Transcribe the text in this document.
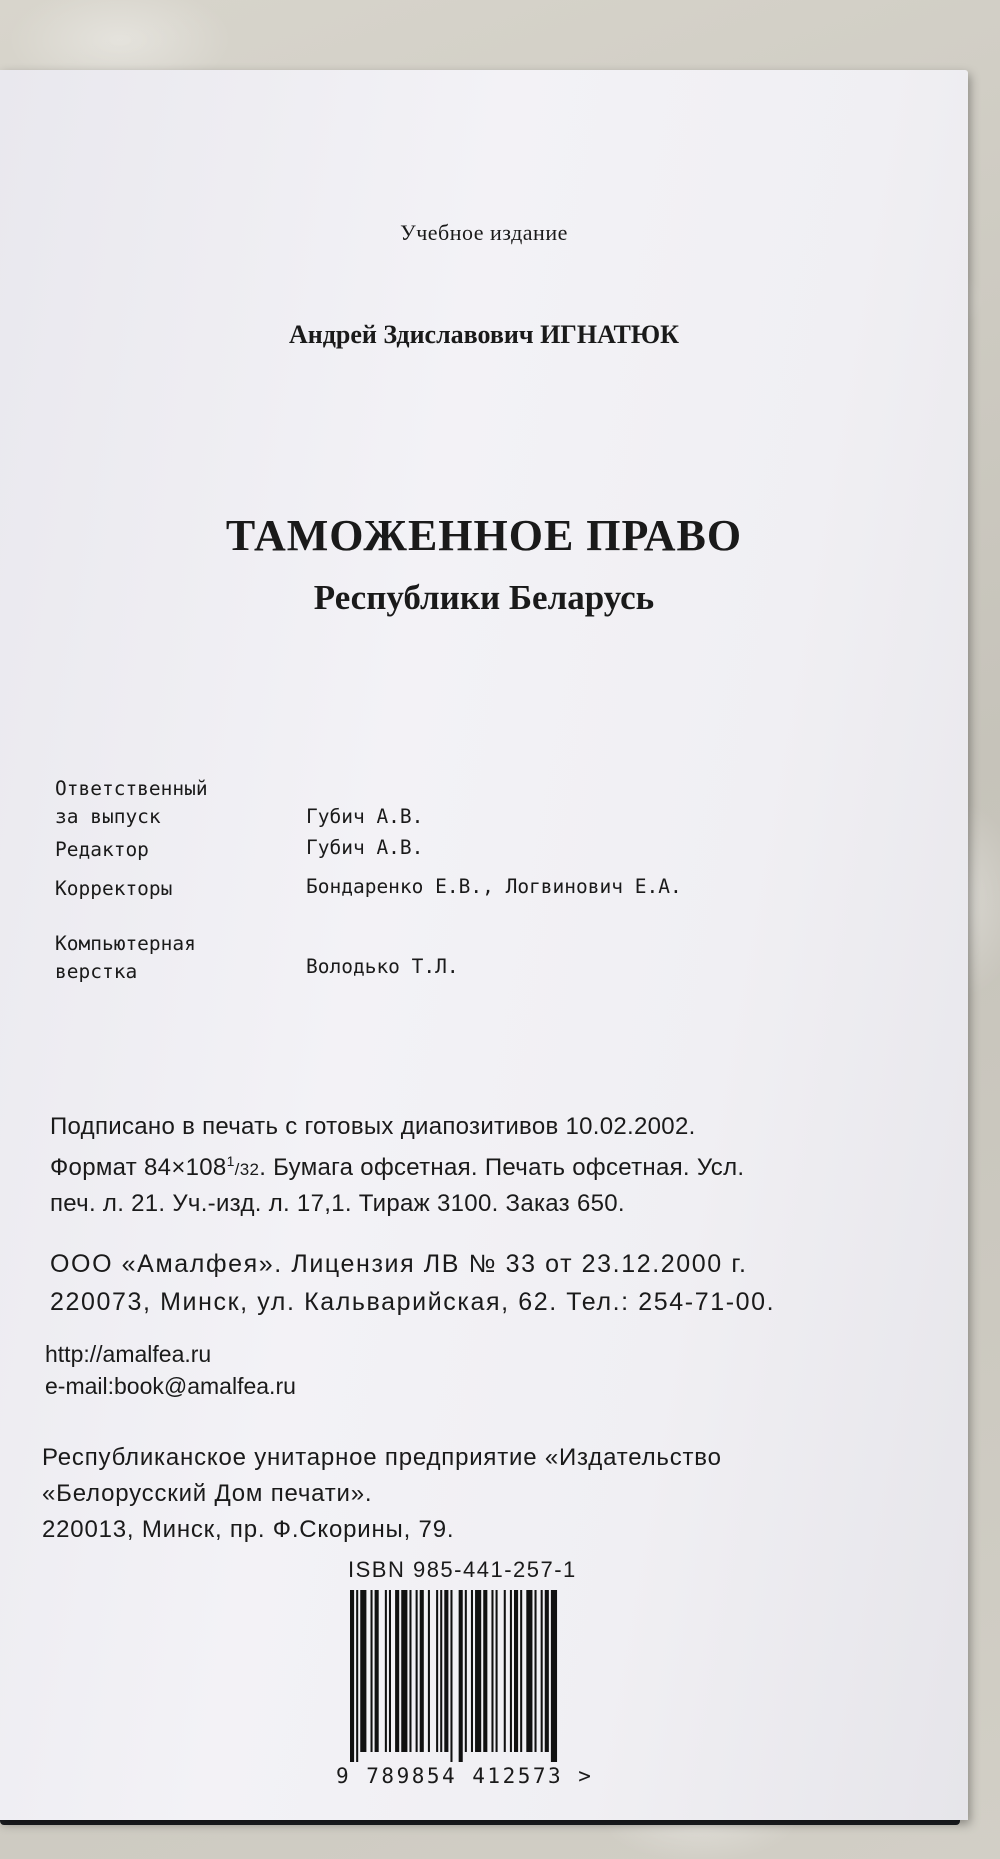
Учебное издание
Андрей Здиславович ИГНАТЮК
ТАМОЖЕННОЕ ПРАВО
Республики Беларусь
Ответственный
за выпуск	Губич А.В.
Редактор	Губич А.В.
Корректоры	Бондаренко Е.В., Логвинович Е.А.
Компьютерная
верстка	Володько Т.Л.
Подписано в печать с готовых диапозитивов 10.02.2002.
Формат $84\times 108^1/32$. Бумага офсетная. Печать офсетная. Усл.
печ. л. 21. Уч.-изд. л. 17,1. Тираж 3100. Заказ 650.
ООО «Амалфея». Лицензия ЛВ № 33 от 23.12.2000 г.
220073, Минск, ул. Кальварийская, 62. Тел.: 254-71-00.
http://amalfea.ru
e-mail:book@amalfea.ru
Республиканское унитарное предприятие «Издательство
«Белорусский Дом печати».
220013, Минск, пр. Ф.Скорины, 79.
ISBN 985-441-257-1
9 789854 412573 >
